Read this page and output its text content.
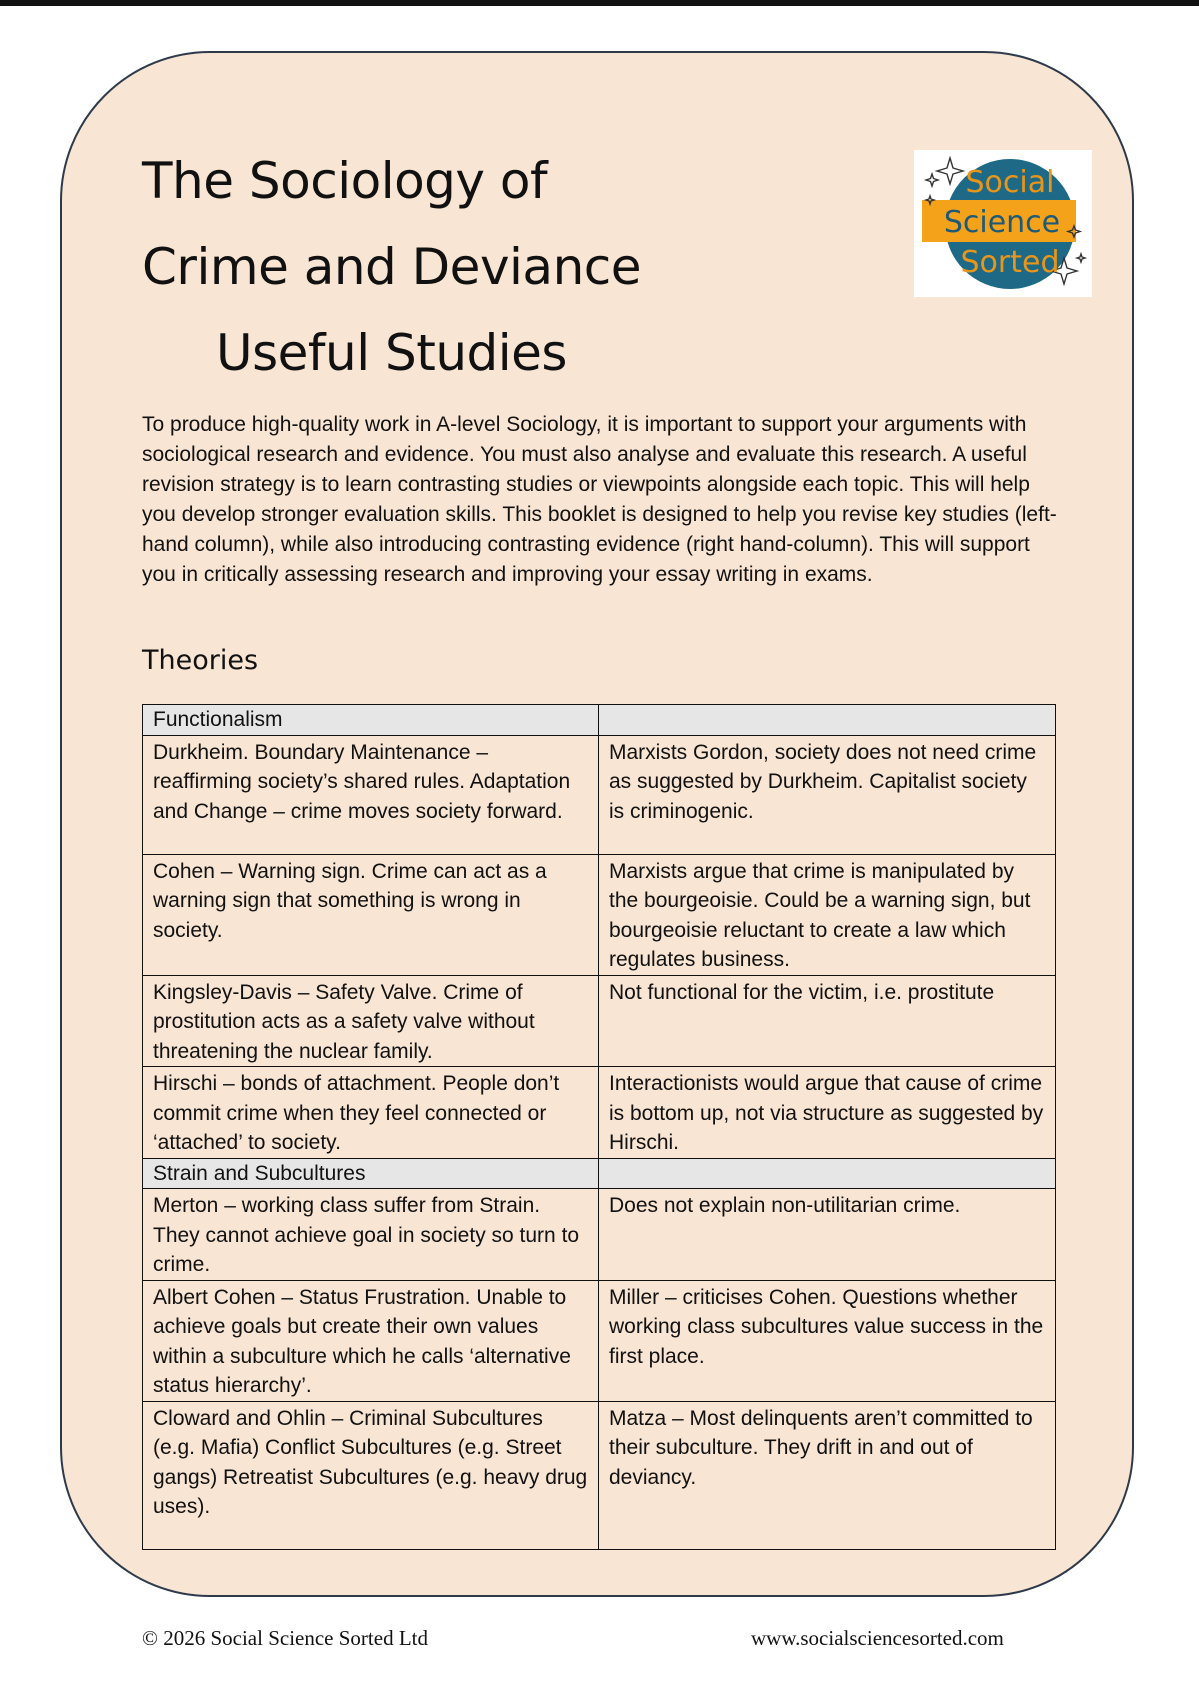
The Sociology of
Crime and Deviance
Useful Studies
Social
Science
Sorted

To produce high-quality work in A-level Sociology, it is important to support your arguments with sociological research and evidence. You must also analyse and evaluate this research. A useful revision strategy is to learn contrasting studies or viewpoints alongside each topic. This will help you develop stronger evaluation skills. This booklet is designed to help you revise key studies (left-hand column), while also introducing contrasting evidence (right hand-column). This will support you in critically assessing research and improving your essay writing in exams.

Theories
Functionalism	
Durkheim. Boundary Maintenance – reaffirming society’s shared rules. Adaptation and Change – crime moves society forward.	Marxists Gordon, society does not need crime as suggested by Durkheim. Capitalist society is criminogenic.
Cohen – Warning sign. Crime can act as a warning sign that something is wrong in society.	Marxists argue that crime is manipulated by the bourgeoisie. Could be a warning sign, but bourgeoisie reluctant to create a law which regulates business.
Kingsley-Davis – Safety Valve. Crime of prostitution acts as a safety valve without threatening the nuclear family.	Not functional for the victim, i.e. prostitute
Hirschi – bonds of attachment. People don’t commit crime when they feel connected or ‘attached’ to society.	Interactionists would argue that cause of crime is bottom up, not via structure as suggested by Hirschi.
Strain and Subcultures	
Merton – working class suffer from Strain. They cannot achieve goal in society so turn to crime.	Does not explain non-utilitarian crime.
Albert Cohen – Status Frustration. Unable to achieve goals but create their own values within a subculture which he calls ‘alternative status hierarchy’.	Miller – criticises Cohen. Questions whether working class subcultures value success in the first place.
Cloward and Ohlin – Criminal Subcultures (e.g. Mafia) Conflict Subcultures (e.g. Street gangs) Retreatist Subcultures (e.g. heavy drug uses).	Matza – Most delinquents aren’t committed to their subculture. They drift in and out of deviancy.
© 2026 Social Science Sorted Ltd	www.socialsciencesorted.com
